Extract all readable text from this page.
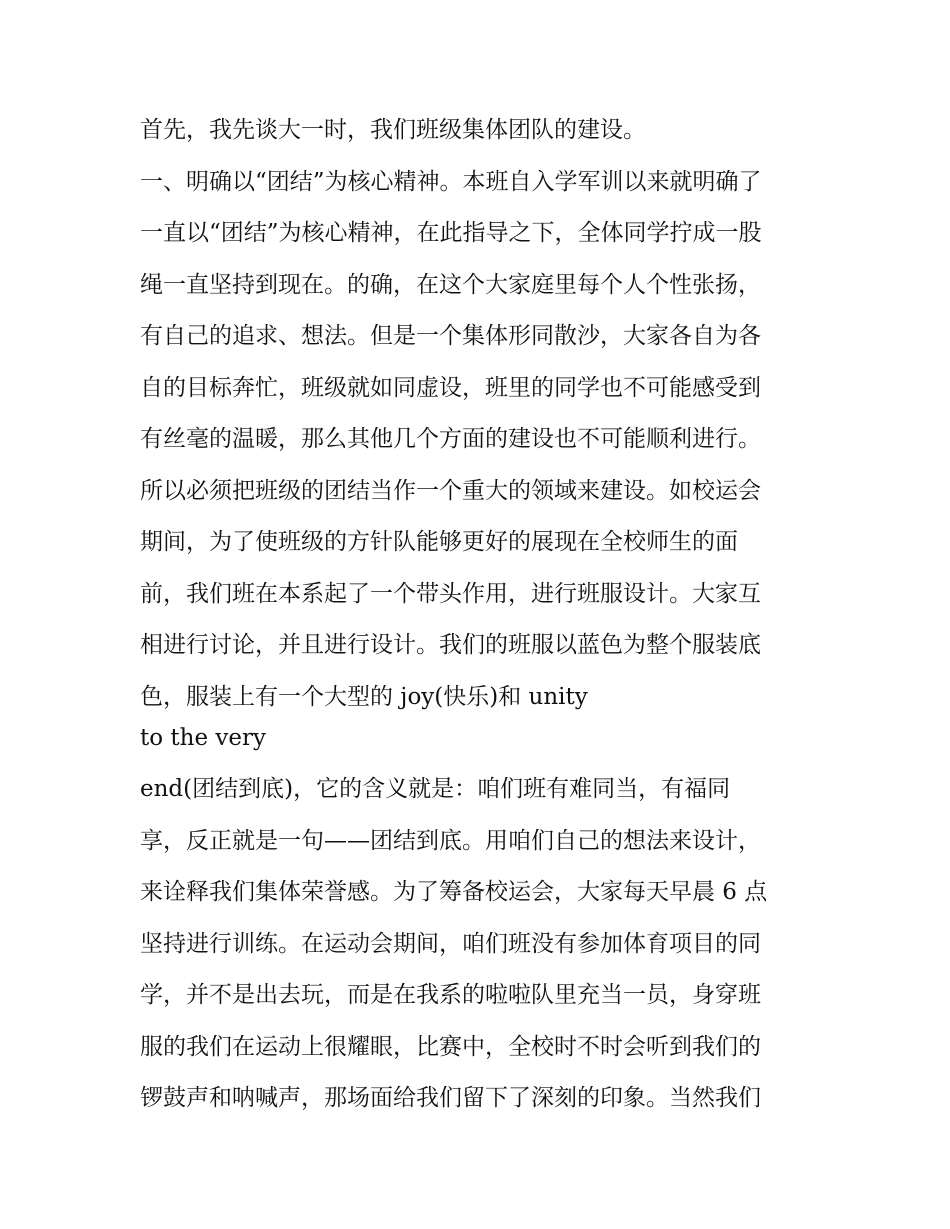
首先，我先谈大一时，我们班级集体团队的建设。
一、明确以“团结”为核心精神。本班自入学军训以来就明确了
一直以“团结”为核心精神，在此指导之下，全体同学拧成一股
绳一直坚持到现在。的确，在这个大家庭里每个人个性张扬，
有自己的追求、想法。但是一个集体形同散沙，大家各自为各
自的目标奔忙，班级就如同虚设，班里的同学也不可能感受到
有丝毫的温暖，那么其他几个方面的建设也不可能顺利进行。
所以必须把班级的团结当作一个重大的领域来建设。如校运会
期间，为了使班级的方针队能够更好的展现在全校师生的面
前，我们班在本系起了一个带头作用，进行班服设计。大家互
相进行讨论，并且进行设计。我们的班服以蓝色为整个服装底
色，服装上有一个大型的 joy(快乐)和 unity
to the very
end(团结到底)，它的含义就是：咱们班有难同当，有福同
享，反正就是一句——团结到底。用咱们自己的想法来设计，
来诠释我们集体荣誉感。为了筹备校运会，大家每天早晨 6 点
坚持进行训练。在运动会期间，咱们班没有参加体育项目的同
学，并不是出去玩，而是在我系的啦啦队里充当一员，身穿班
服的我们在运动上很耀眼，比赛中，全校时不时会听到我们的
锣鼓声和呐喊声，那场面给我们留下了深刻的印象。当然我们
